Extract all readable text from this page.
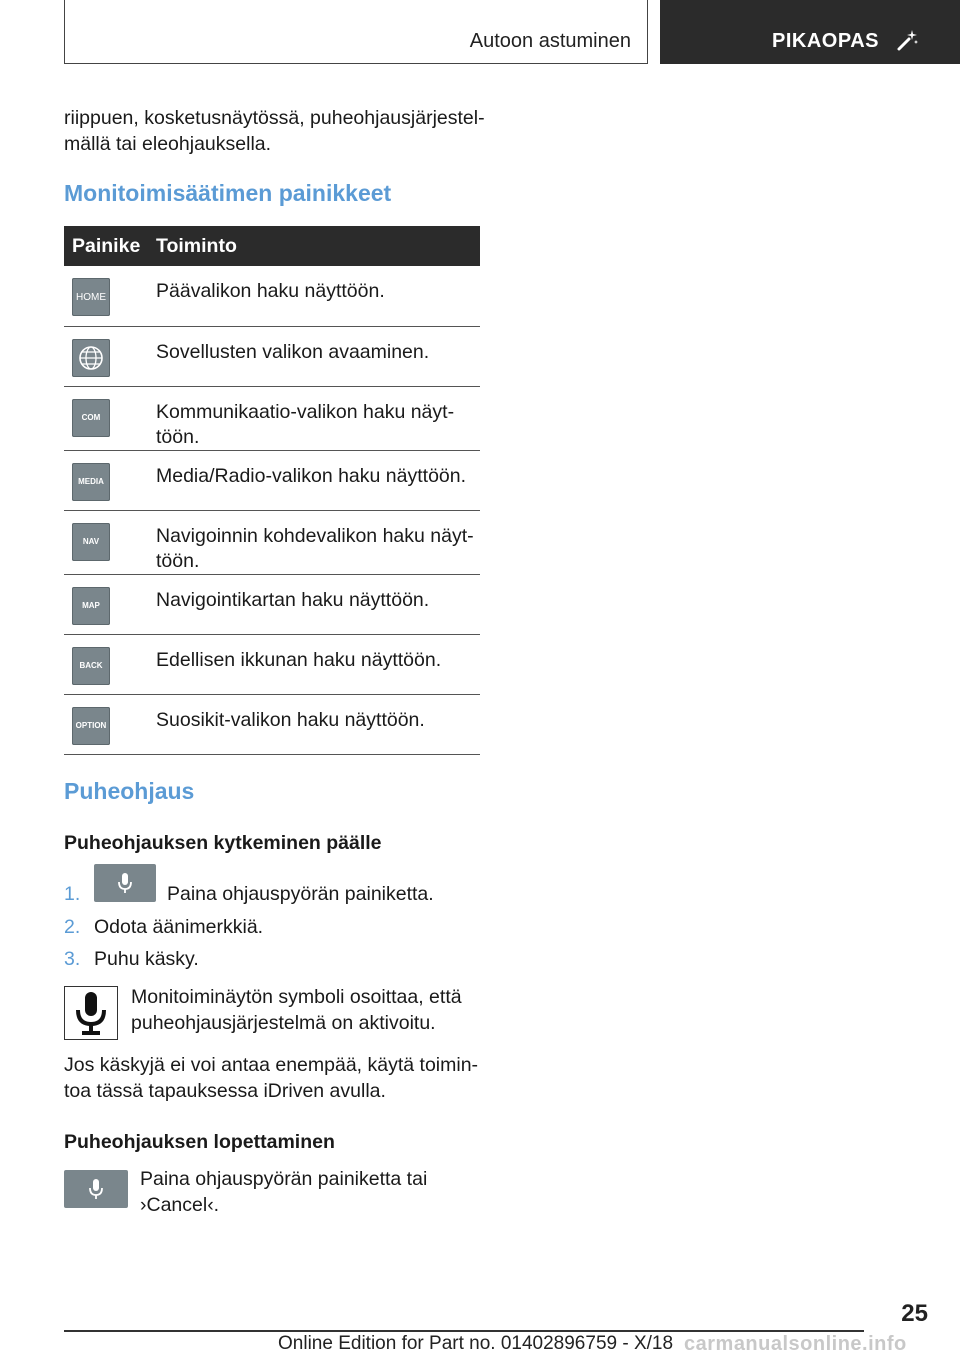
Autoon astuminen	PIKAOPAS
riippuen, kosketusnäytössä, puheohjausjärjestel-
mällä tai eleohjauksella.
Monitoimisäätimen painikkeet
Painike	Toiminto

HOME	Päävalikon haku näyttöön.

Sovellusten valikon avaaminen.

COM	Kommunikaatio-valikon haku näyt-
töön.

MEDIA	Media/Radio-valikon haku näyttöön.

NAV	Navigoinnin kohdevalikon haku näyt-
töön.

MAP	Navigointikartan haku näyttöön.

BACK	Edellisen ikkunan haku näyttöön.

OPTION	Suosikit-valikon haku näyttöön.
Puheohjaus
Puheohjauksen kytkeminen päälle
1.	Paina ohjauspyörän painiketta.
2. Odota äänimerkkiä.
3. Puhu käsky.
Monitoiminäytön symboli osoittaa, että
puheohjausjärjestelmä on aktivoitu.
Jos käskyjä ei voi antaa enempää, käytä toimin-
toa tässä tapauksessa iDriven avulla.
Puheohjauksen lopettaminen
Paina ohjauspyörän painiketta tai
›Cancel‹.
25
Online Edition for Part no. 01402896759 - X/18 carmanualsonline.info
